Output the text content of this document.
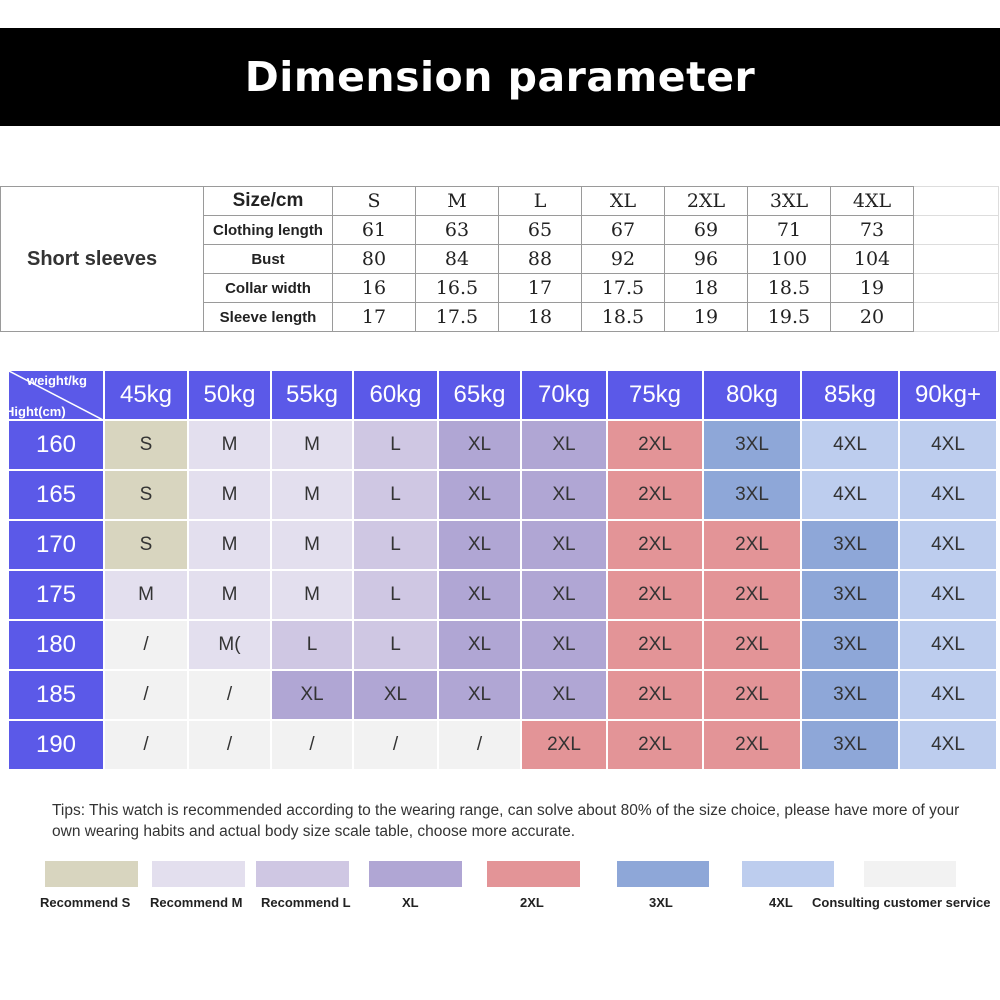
Dimension parameter
Short sleeves	Size/cm	S	M	L	XL	2XL	3XL	4XL	
	Clothing length	61	63	65	67	69	71	73	
	Bust	80	84	88	92	96	100	104	
	Collar width	16	16.5	17	17.5	18	18.5	19	
	Sleeve length	17	17.5	18	18.5	19	19.5	20	
weight/kg
Hight(cm)	45kg	50kg	55kg	60kg	65kg	70kg	75kg	80kg	85kg	90kg+
160	S	M	M	L	XL	XL	2XL	3XL	4XL	4XL
165	S	M	M	L	XL	XL	2XL	3XL	4XL	4XL
170	S	M	M	L	XL	XL	2XL	2XL	3XL	4XL
175	M	M	M	L	XL	XL	2XL	2XL	3XL	4XL
180	/	M(	L	L	XL	XL	2XL	2XL	3XL	4XL
185	/	/	XL	XL	XL	XL	2XL	2XL	3XL	4XL
190	/	/	/	/	/	2XL	2XL	2XL	3XL	4XL
Tips: This watch is recommended according to the wearing range, can solve about 80% of the size choice, please have more of your own wearing habits and actual body size scale table, choose more accurate.
Recommend S Recommend M Recommend L	XL	2XL	3XL	4XL Consulting customer service
